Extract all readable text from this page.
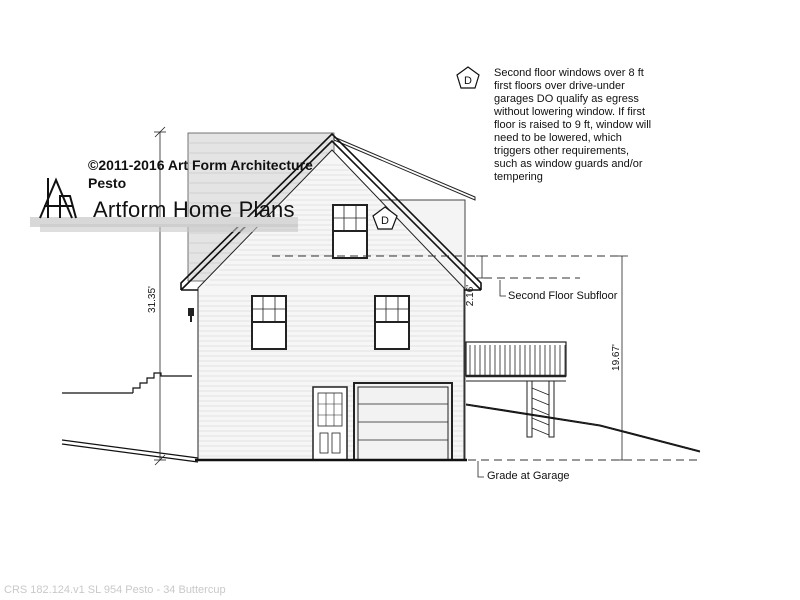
D
D
Second floor windows over 8 ft
first floors over drive-under
garages DO qualify as egress
without lowering window. If first
floor is raised to 9 ft, window will
need to be lowered, which
triggers other requirements,
such as window guards and/or
tempering
©2011-2016 Art Form Architecture
Pesto
Artform Home Plans
31.35'	2.16'
19.67'
Second Floor Subfloor
Grade at Garage
CRS 182.124.v1 SL 954 Pesto - 34 Buttercup
